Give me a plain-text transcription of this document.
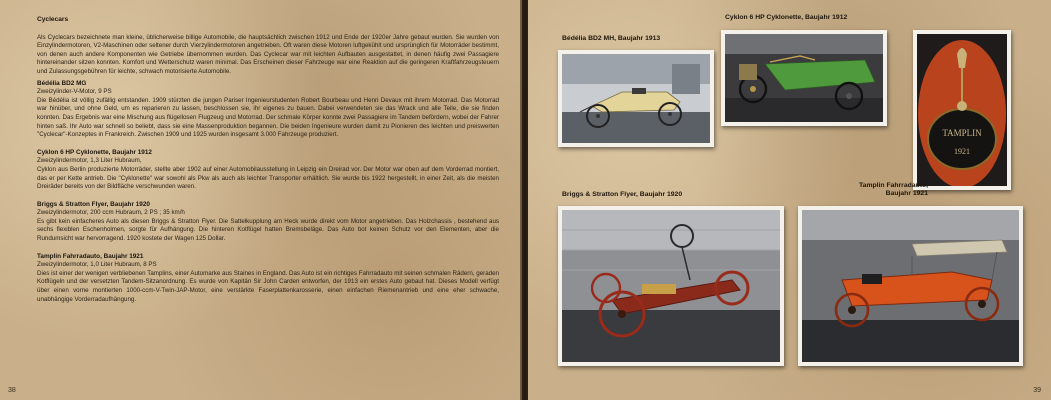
Cyclecars

Als Cyclecars bezeichnete man kleine, üblicherweise billige Automobile, die hauptsächlich zwischen 1912 und Ende der 1920er Jahre gebaut wurden. Sie wurden von Einzylindermotoren, V2-Maschinen oder seltener durch Vierzylindermotoren angetrieben. Oft waren diese Motoren luftgekühlt und ursprünglich für Motorräder bestimmt, von denen auch andere Komponenten wie Getriebe übernommen wurden. Das Cyclecar war mit leichten Aufbauten ausgestattet, in denen häufig zwei Passagiere hintereinander sitzen konnten. Komfort und Wetterschutz waren minimal. Das Erscheinen dieser Fahrzeuge war eine Reaktion auf die geringeren Kraftfahrzeugsteuern und Zulassungsgebühren für leichte, schwach motorisierte Automobile.

Bédélia BD2 MG

Zweizylinder-V-Motor, 9 PS

Die Bédélia ist völlig zufällig entstanden. 1909 stürzten die jungen Pariser Ingenieurstudenten Robert Bourbeau und Henri Devaux mit ihrem Motorrad. Das Motorrad war hinüber, und ohne Geld, um es reparieren zu lassen, beschlossen sie, ihr eigenes zu bauen. Dabei verwendeten sie das Wrack und alle Teile, die sie finden konnten. Das Ergebnis war eine Mischung aus flügellosen Flugzeug und Motorrad. Der schmale Körper konnte zwei Passagiere im Tandem befördern, wobei der Fahrer hinten saß. Ihr Auto war schnell so beliebt, dass sie eine Massenproduktion begannen. Die beiden Ingenieure wurden damit zu Pionieren des leichten und preiswerten "Cyclecar"-Konzeptes in Frankreich. Zwischen 1909 und 1925 wurden insgesamt 3.000 Fahrzeuge produziert.

Cyklon 6 HP Cyklonette, Baujahr 1912

Zweizylindermotor, 1,3 Liter Hubraum,

Cyklon aus Berlin produzierte Motorräder, stellte aber 1902 auf einer Automobilausstellung in Leipzig ein Dreirad vor. Der Motor war oben auf dem Vorderrad montiert, das er per Kette antrieb. Die "Cyklonette" war sowohl als Pkw als auch als leichter Transporter erhältlich. Sie wurde bis 1922 hergestellt, in einer Zeit, als die meisten Dreiräder bereits von der Bildfläche verschwunden waren.

Briggs & Stratton Flyer, Baujahr 1920

Zweizylindermotor, 200 ccm Hubraum, 2 PS ; 35 km/h

Es gibt kein einfacheres Auto als diesen Briggs & Stratton Flyer. Die Sattelkupplung am Heck wurde direkt vom Motor angetrieben. Das Holzchassis , bestehend aus sechs flexiblen Eschenholmen, sorgte für Aufhängung. Die hinteren Kotflügel hatten Bremsbeläge. Das Auto bot keinen Schutz vor den Elementen, aber die Rundumsicht war hervorragend. 1920 kostete der Wagen 125 Dollar.

Tamplin Fahrradauto, Baujahr 1921

Zweizylindermotor, 1,0 Liter Hubraum, 8 PS

Dies ist einer der wenigen verbliebenen Tamplins, einer Automarke aus Staines in England. Das Auto ist ein richtiges Fahrradauto mit seinen schmalen Rädern, geraden Kotflügeln und der versetzten Tandem-Sitzanordnung. Es wurde von Kapitän Sir John Carden entworfen, der 1913 ein erstes Auto gebaut hat. Dieses Modell verfügt über einen vorne montierten 1000-ccm-V-Twin-JAP-Motor, eine verstärkte Faserplattenkarosserie, einen einfachen Riemenantrieb und eine eher schwache, unabhängige Vorderradaufhängung.

38
Bédélia BD2 MH, Baujahr 1913
Cyklon 6 HP Cyklonette, Baujahr 1912
TAMPLIN
1921
Briggs & Stratton Flyer, Baujahr 1920
Tamplin Fahrradauto,
Baujahr 1921
39
